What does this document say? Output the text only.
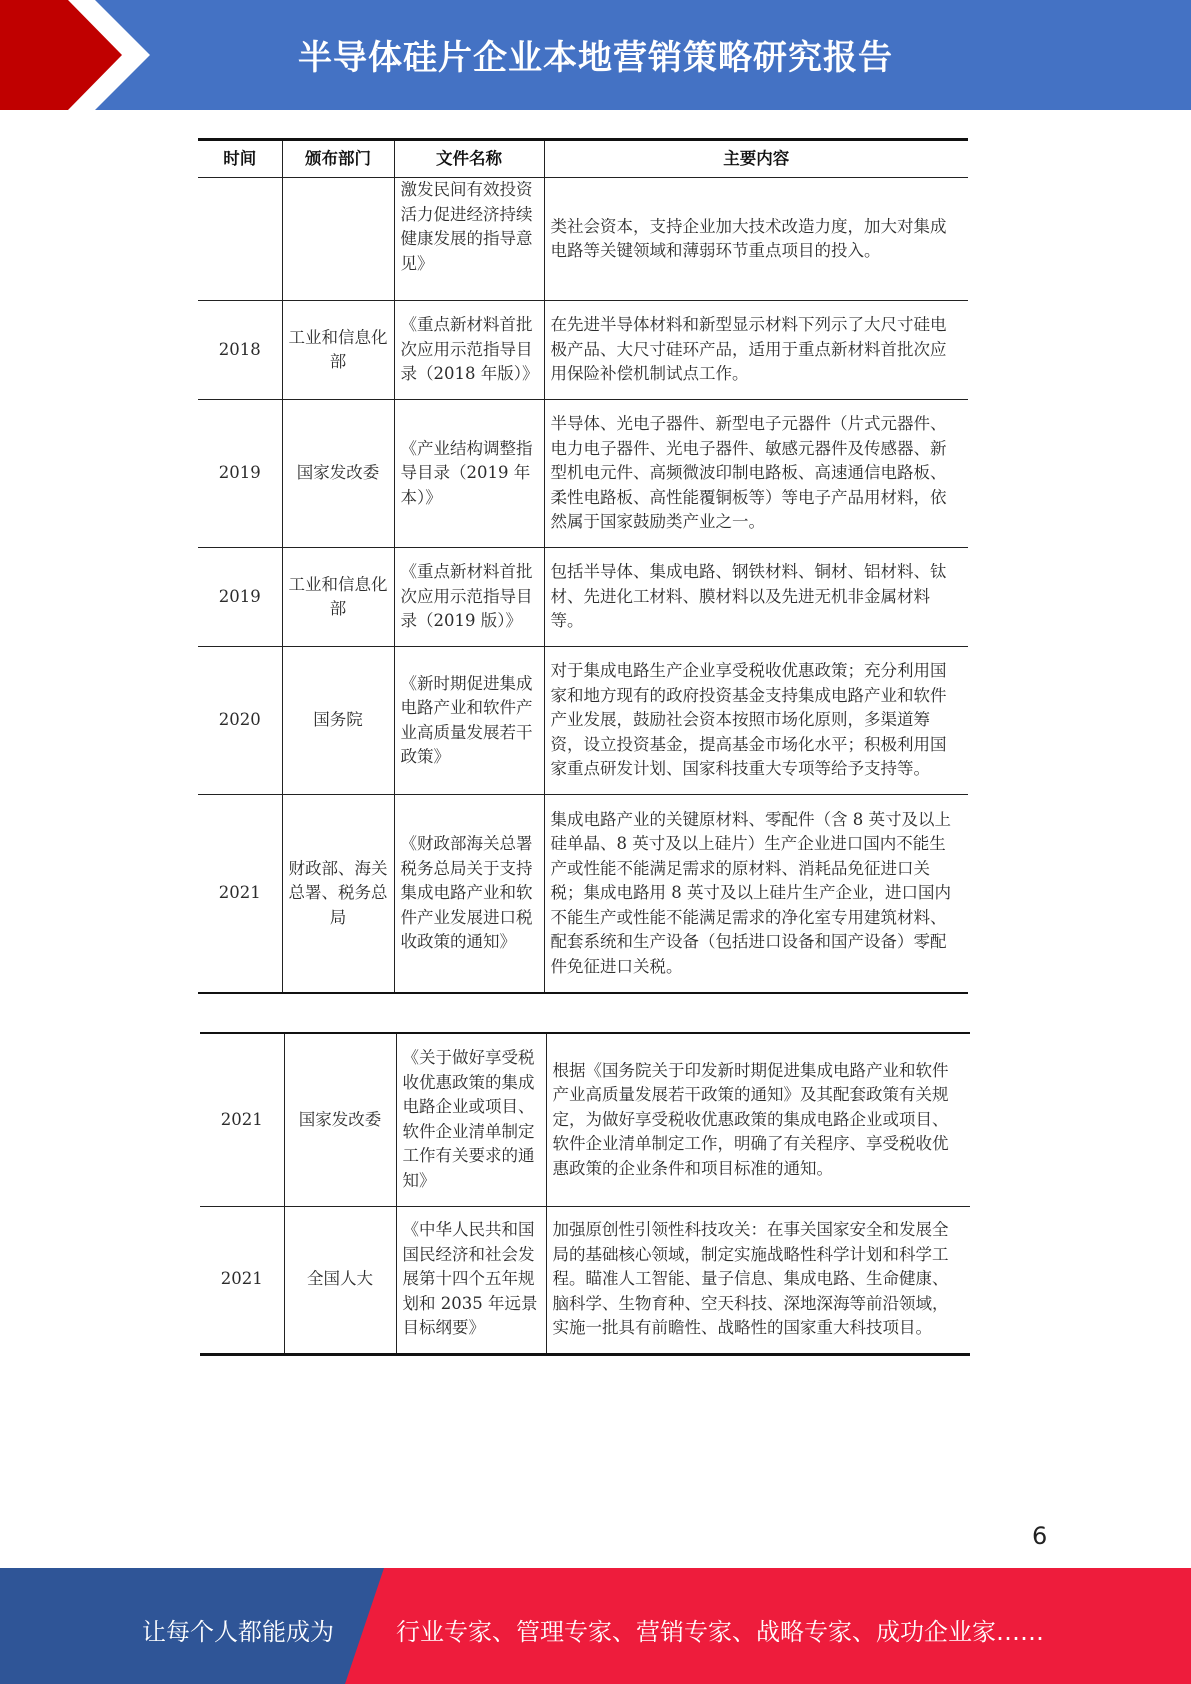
半导体硅片企业本地营销策略研究报告
时间	颁布部门	文件名称	主要内容
		激发民间有效投资活力促进经济持续健康发展的指导意见》	类社会资本，支持企业加大技术改造力度，加大对集成电路等关键领域和薄弱环节重点项目的投入。
2018	工业和信息化部	《重点新材料首批次应用示范指导目录（2018 年版）》	在先进半导体材料和新型显示材料下列示了大尺寸硅电极产品、大尺寸硅环产品，适用于重点新材料首批次应用保险补偿机制试点工作。
2019	国家发改委	《产业结构调整指导目录（2019 年本）》	半导体、光电子器件、新型电子元器件（片式元器件、电力电子器件、光电子器件、敏感元器件及传感器、新型机电元件、高频微波印制电路板、高速通信电路板、柔性电路板、高性能覆铜板等）等电子产品用材料，依然属于国家鼓励类产业之一。
2019	工业和信息化部	《重点新材料首批次应用示范指导目录（2019 版）》	包括半导体、集成电路、钢铁材料、铜材、铝材料、钛材、先进化工材料、膜材料以及先进无机非金属材料等。
2020	国务院	《新时期促进集成电路产业和软件产业高质量发展若干政策》	对于集成电路生产企业享受税收优惠政策；充分利用国家和地方现有的政府投资基金支持集成电路产业和软件产业发展，鼓励社会资本按照市场化原则，多渠道筹资，设立投资基金，提高基金市场化水平；积极利用国家重点研发计划、国家科技重大专项等给予支持等。
2021	财政部、海关总署、税务总局	《财政部海关总署税务总局关于支持集成电路产业和软件产业发展进口税收政策的通知》	集成电路产业的关键原材料、零配件（含 8 英寸及以上硅单晶、8 英寸及以上硅片）生产企业进口国内不能生产或性能不能满足需求的原材料、消耗品免征进口关税；集成电路用 8 英寸及以上硅片生产企业，进口国内不能生产或性能不能满足需求的净化室专用建筑材料、配套系统和生产设备（包括进口设备和国产设备）零配件免征进口关税。
2021	国家发改委	《关于做好享受税收优惠政策的集成电路企业或项目、软件企业清单制定工作有关要求的通知》	根据《国务院关于印发新时期促进集成电路产业和软件产业高质量发展若干政策的通知》及其配套政策有关规定，为做好享受税收优惠政策的集成电路企业或项目、软件企业清单制定工作，明确了有关程序、享受税收优惠政策的企业条件和项目标准的通知。
2021	全国人大	《中华人民共和国国民经济和社会发展第十四个五年规划和 2035 年远景目标纲要》	加强原创性引领性科技攻关：在事关国家安全和发展全局的基础核心领域，制定实施战略性科学计划和科学工程。瞄准人工智能、量子信息、集成电路、生命健康、脑科学、生物育种、空天科技、深地深海等前沿领域，实施一批具有前瞻性、战略性的国家重大科技项目。
6
让每个人都能成为	行业专家、管理专家、营销专家、战略专家、成功企业家……
